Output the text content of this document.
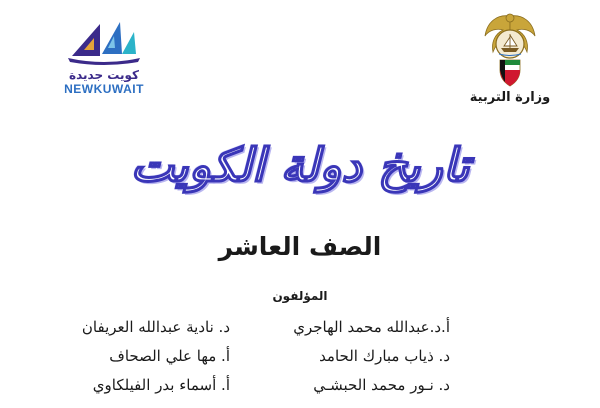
وزارة التربية
كويت جديدة
NEWKUWAIT
تاريخ دولة الكويت
الصف العاشر
المؤلفون
أ.د.عبدالله محمد الهاجري
د. ذياب مبارك الحامد
د. نـور محمد الحبشـي
د. نادية عبدالله العريفان
أ. مها علي الصحاف
أ. أسماء بدر الفيلكاوي
